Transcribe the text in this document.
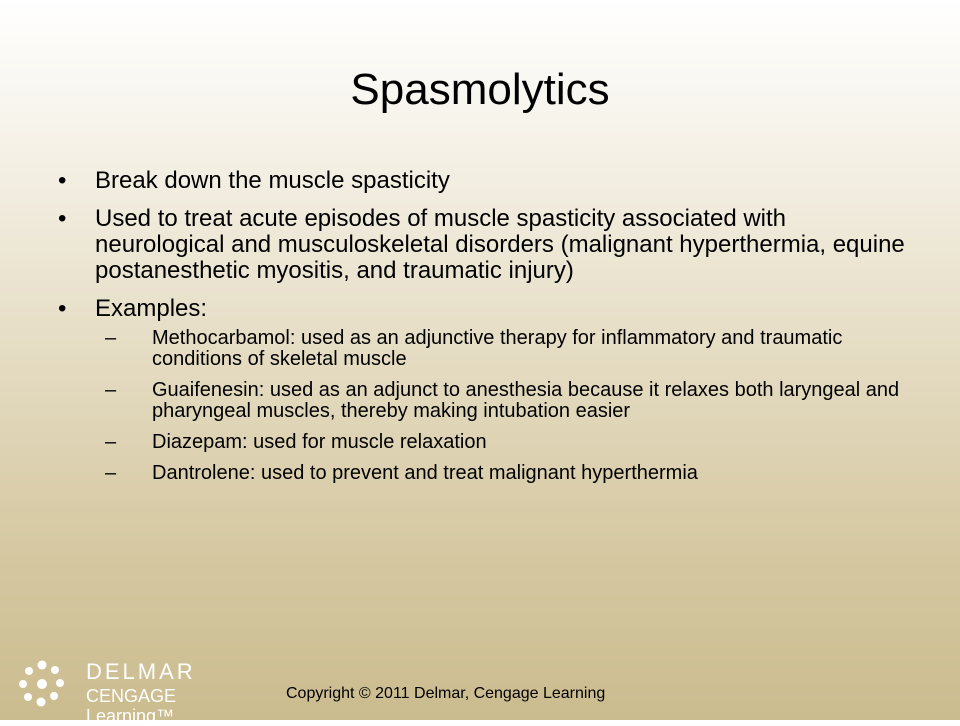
Spasmolytics
• Break down the muscle spasticity
• Used to treat acute episodes of muscle spasticity associated with neurological and musculoskeletal disorders (malignant hyperthermia, equine postanesthetic myositis, and traumatic injury)
• Examples:
– Methocarbamol: used as an adjunctive therapy for inflammatory and traumatic conditions of skeletal muscle
– Guaifenesin: used as an adjunct to anesthesia because it relaxes both laryngeal and pharyngeal muscles, thereby making intubation easier
– Diazepam: used for muscle relaxation
– Dantrolene: used to prevent and treat malignant hyperthermia
DELMAR
CENGAGE Learning™
Copyright © 2011 Delmar, Cengage Learning
